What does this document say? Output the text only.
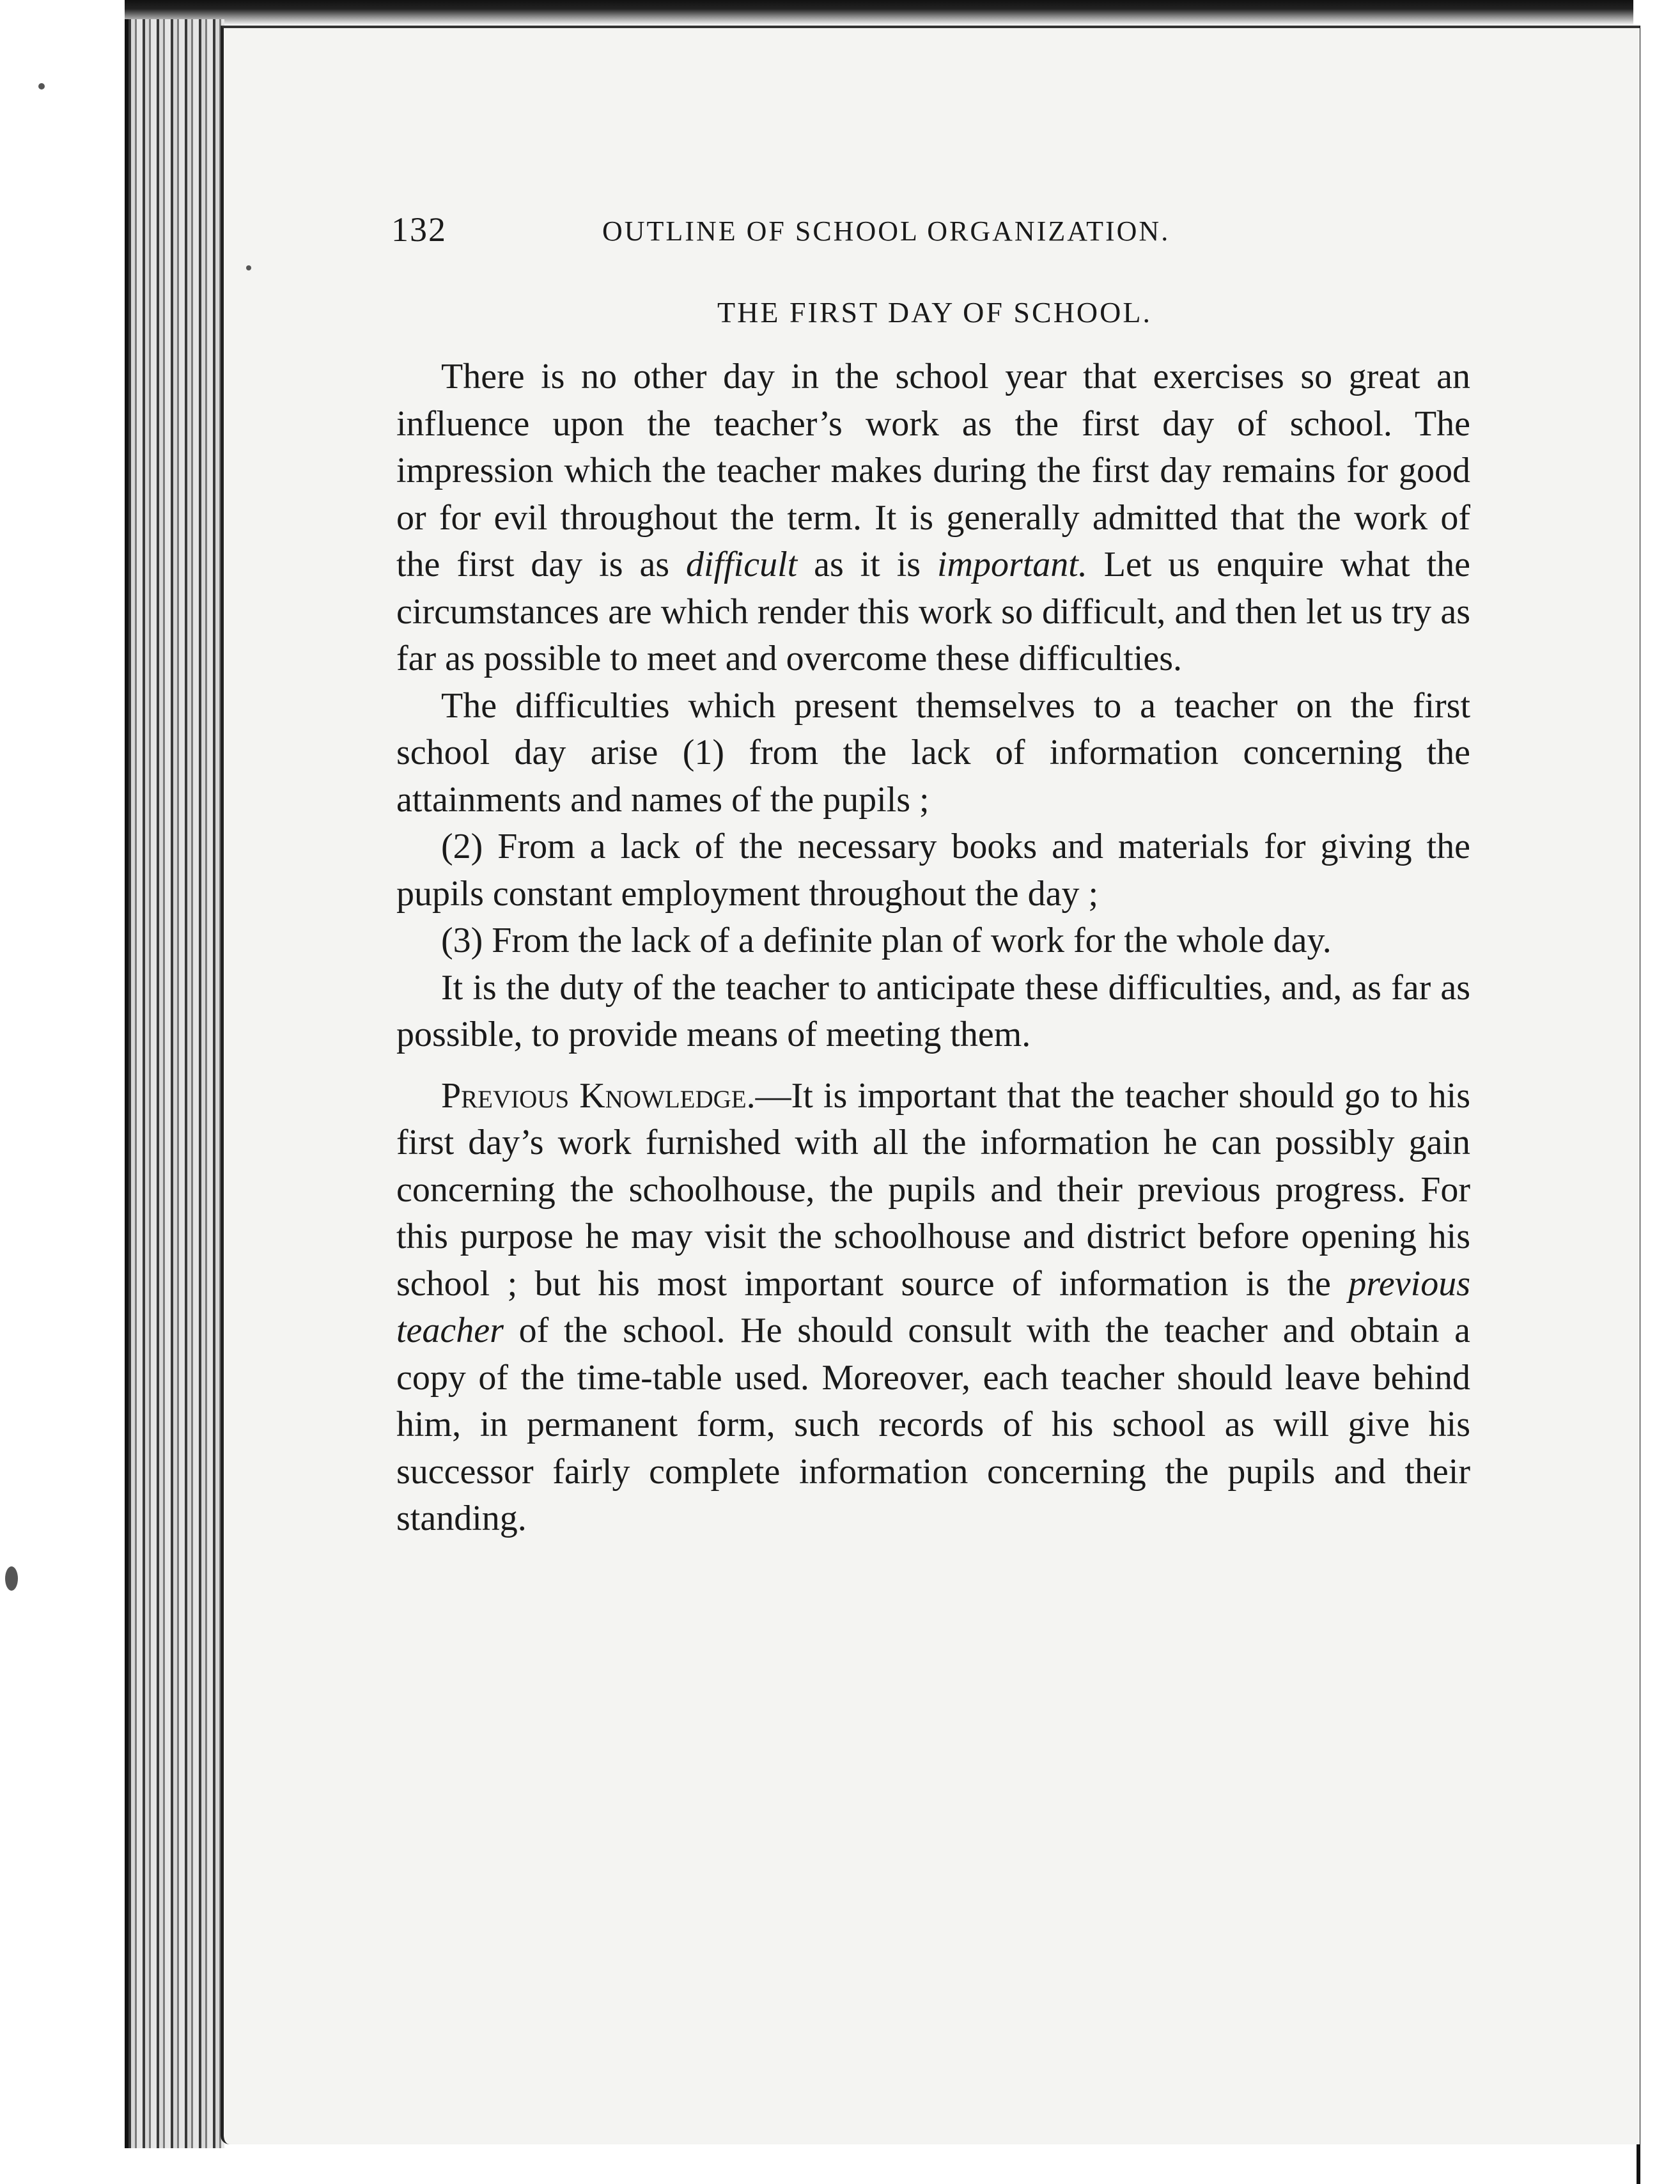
132	OUTLINE OF SCHOOL ORGANIZATION.
THE FIRST DAY OF SCHOOL.

There is no other day in the school year that exercises so great an influence upon the teacher’s work as the first day of school. The impression which the teacher makes during the first day remains for good or for evil throughout the term. It is generally admitted that the work of the first day is as difficult as it is important. Let us enquire what the circumstances are which render this work so difficult, and then let us try as far as possible to meet and overcome these difficulties.

The difficulties which present themselves to a teacher on the first school day arise (1) from the lack of information concerning the attainments and names of the pupils ;

(2) From a lack of the necessary books and materials for giving the pupils constant employment throughout the day ;

(3) From the lack of a definite plan of work for the whole day.

It is the duty of the teacher to anticipate these difficulties, and, as far as possible, to provide means of meeting them.

Previous Knowledge.—It is important that the teacher should go to his first day’s work furnished with all the information he can possibly gain concerning the schoolhouse, the pupils and their previous progress. For this purpose he may visit the schoolhouse and district before opening his school ; but his most important source of information is the previous teacher of the school. He should consult with the teacher and obtain a copy of the time-table used. Moreover, each teacher should leave behind him, in permanent form, such records of his school as will give his successor fairly complete information concerning the pupils and their standing.
